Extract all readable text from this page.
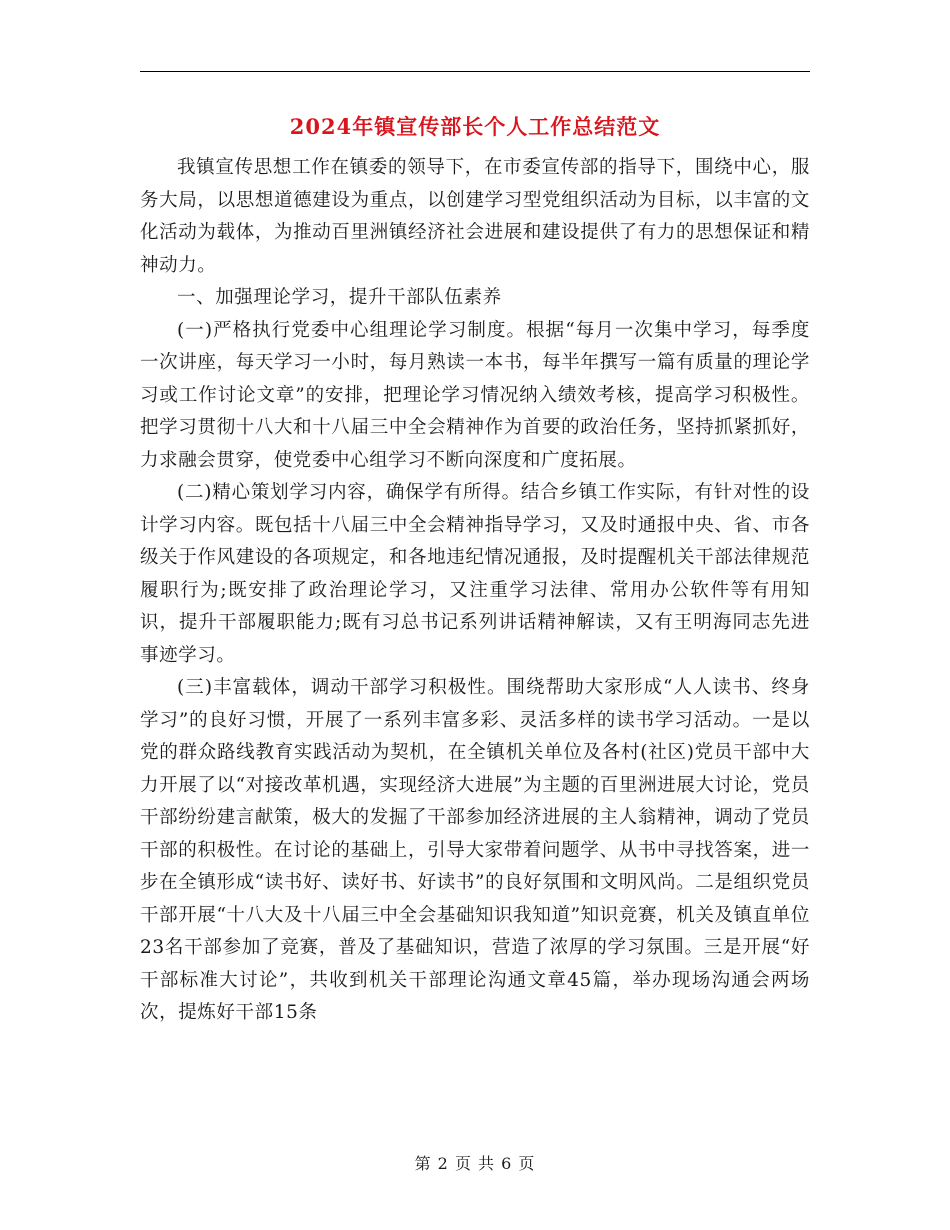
2024年镇宣传部长个人工作总结范文

我镇宣传思想工作在镇委的领导下，在市委宣传部的指导下，围绕中心，服务大局，以思想道德建设为重点，以创建学习型党组织活动为目标，以丰富的文化活动为载体，为推动百里洲镇经济社会进展和建设提供了有力的思想保证和精神动力。

一、加强理论学习，提升干部队伍素养

(一)严格执行党委中心组理论学习制度。根据“每月一次集中学习，每季度一次讲座，每天学习一小时，每月熟读一本书，每半年撰写一篇有质量的理论学习或工作讨论文章”的安排，把理论学习情况纳入绩效考核，提高学习积极性。把学习贯彻十八大和十八届三中全会精神作为首要的政治任务，坚持抓紧抓好，力求融会贯穿，使党委中心组学习不断向深度和广度拓展。

(二)精心策划学习内容，确保学有所得。结合乡镇工作实际，有针对性的设计学习内容。既包括十八届三中全会精神指导学习，又及时通报中央、省、市各级关于作风建设的各项规定，和各地违纪情况通报，及时提醒机关干部法律规范履职行为;既安排了政治理论学习，又注重学习法律、常用办公软件等有用知识，提升干部履职能力;既有习总书记系列讲话精神解读，又有王明海同志先进事迹学习。

(三)丰富载体，调动干部学习积极性。围绕帮助大家形成“人人读书、终身学习”的良好习惯，开展了一系列丰富多彩、灵活多样的读书学习活动。一是以党的群众路线教育实践活动为契机，在全镇机关单位及各村(社区)党员干部中大力开展了以“对接改革机遇，实现经济大进展”为主题的百里洲进展大讨论，党员干部纷纷建言献策，极大的发掘了干部参加经济进展的主人翁精神，调动了党员干部的积极性。在讨论的基础上，引导大家带着问题学、从书中寻找答案，进一步在全镇形成“读书好、读好书、好读书”的良好氛围和文明风尚。二是组织党员干部开展“十八大及十八届三中全会基础知识我知道”知识竞赛，机关及镇直单位23名干部参加了竞赛，普及了基础知识，营造了浓厚的学习氛围。三是开展“好干部标准大讨论”，共收到机关干部理论沟通文章45篇，举办现场沟通会两场次，提炼好干部15条

第 2 页 共 6 页
